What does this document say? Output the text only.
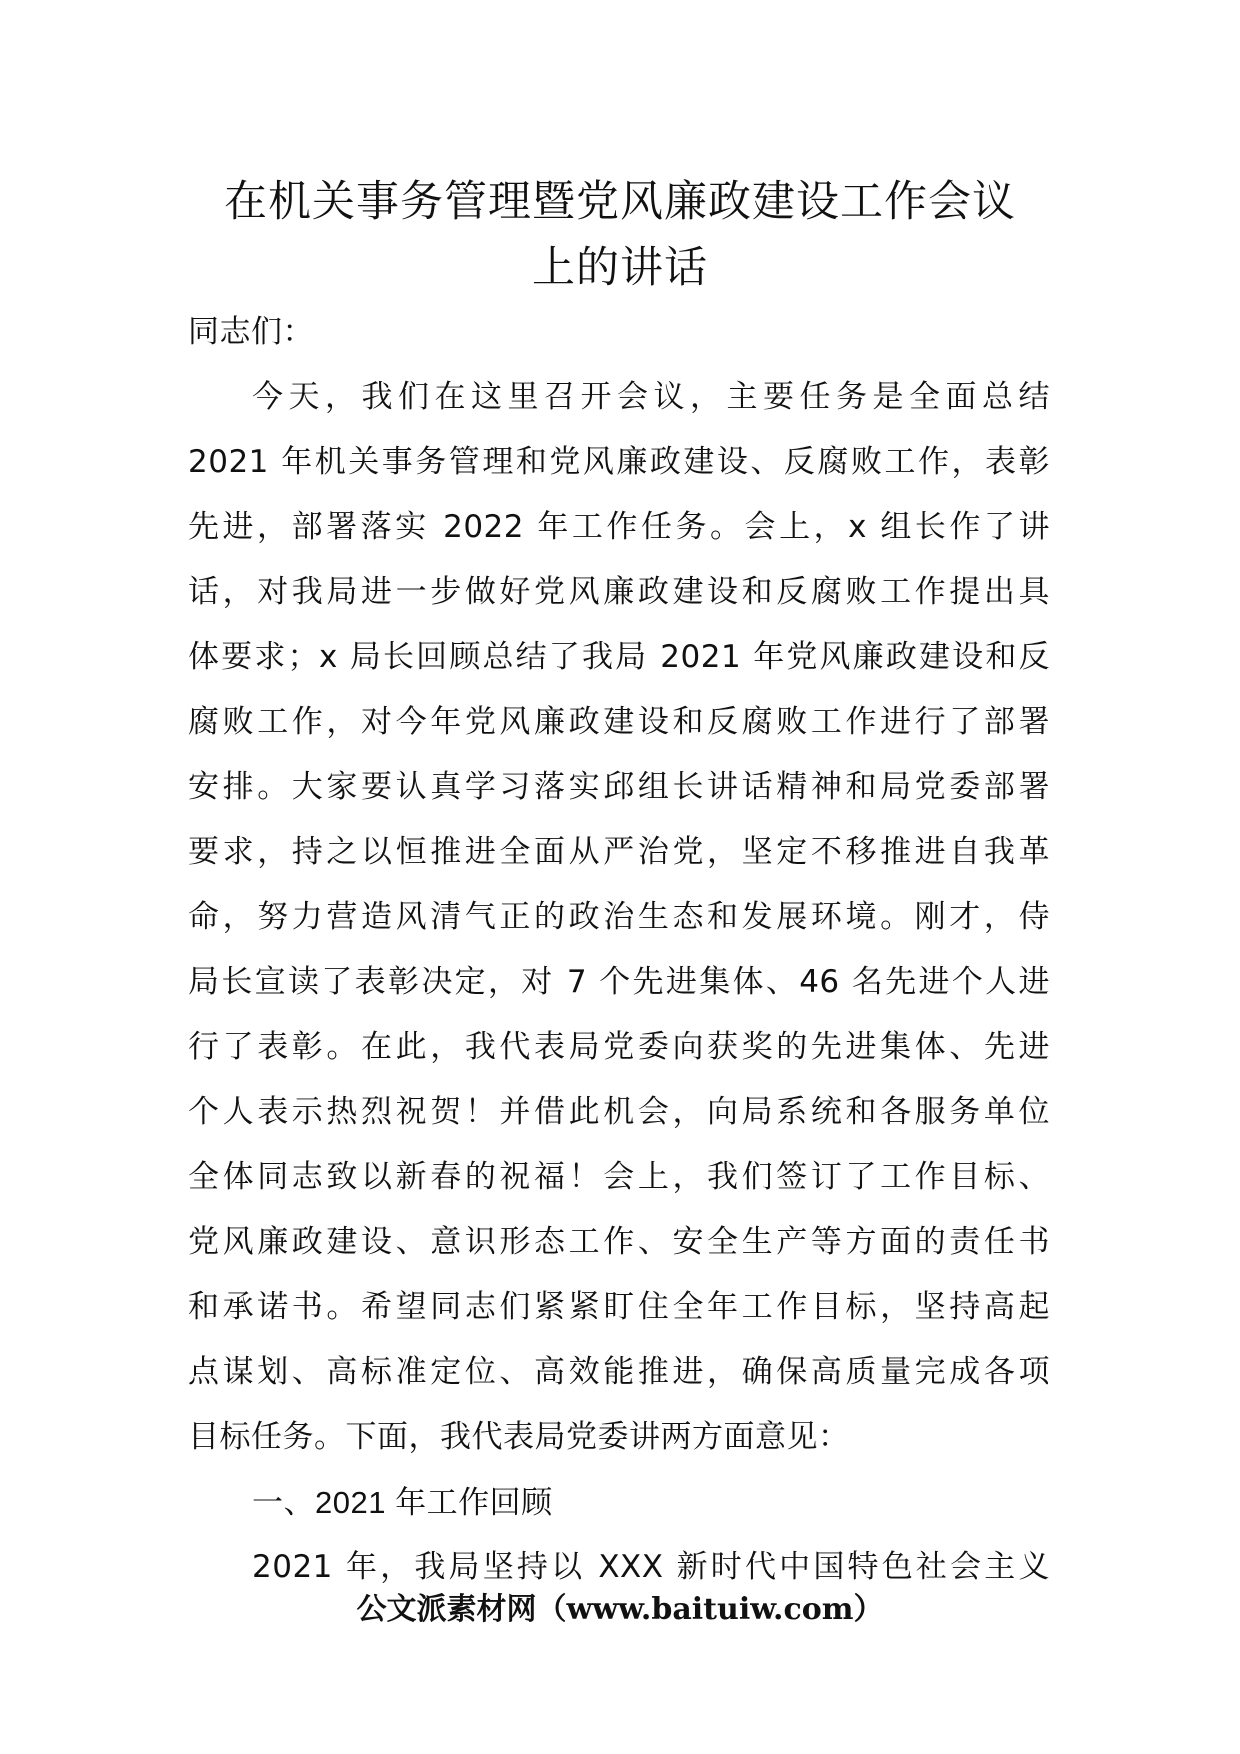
在机关事务管理暨党风廉政建设工作会议
上的讲话
同志们：
今天，我们在这里召开会议，主要任务是全面总结
2021 年机关事务管理和党风廉政建设、反腐败工作，表彰
先进，部署落实 2022 年工作任务。会上，x 组长作了讲
话，对我局进一步做好党风廉政建设和反腐败工作提出具
体要求；x 局长回顾总结了我局 2021 年党风廉政建设和反
腐败工作，对今年党风廉政建设和反腐败工作进行了部署
安排。大家要认真学习落实邱组长讲话精神和局党委部署
要求，持之以恒推进全面从严治党，坚定不移推进自我革
命，努力营造风清气正的政治生态和发展环境。刚才，侍
局长宣读了表彰决定，对 7 个先进集体、46 名先进个人进
行了表彰。在此，我代表局党委向获奖的先进集体、先进
个人表示热烈祝贺！并借此机会，向局系统和各服务单位
全体同志致以新春的祝福！会上，我们签订了工作目标、
党风廉政建设、意识形态工作、安全生产等方面的责任书
和承诺书。希望同志们紧紧盯住全年工作目标，坚持高起
点谋划、高标准定位、高效能推进，确保高质量完成各项
目标任务。下面，我代表局党委讲两方面意见：
一、2021 年工作回顾
2021 年，我局坚持以 XXX 新时代中国特色社会主义
公文派素材网（www.baituiw.com）
